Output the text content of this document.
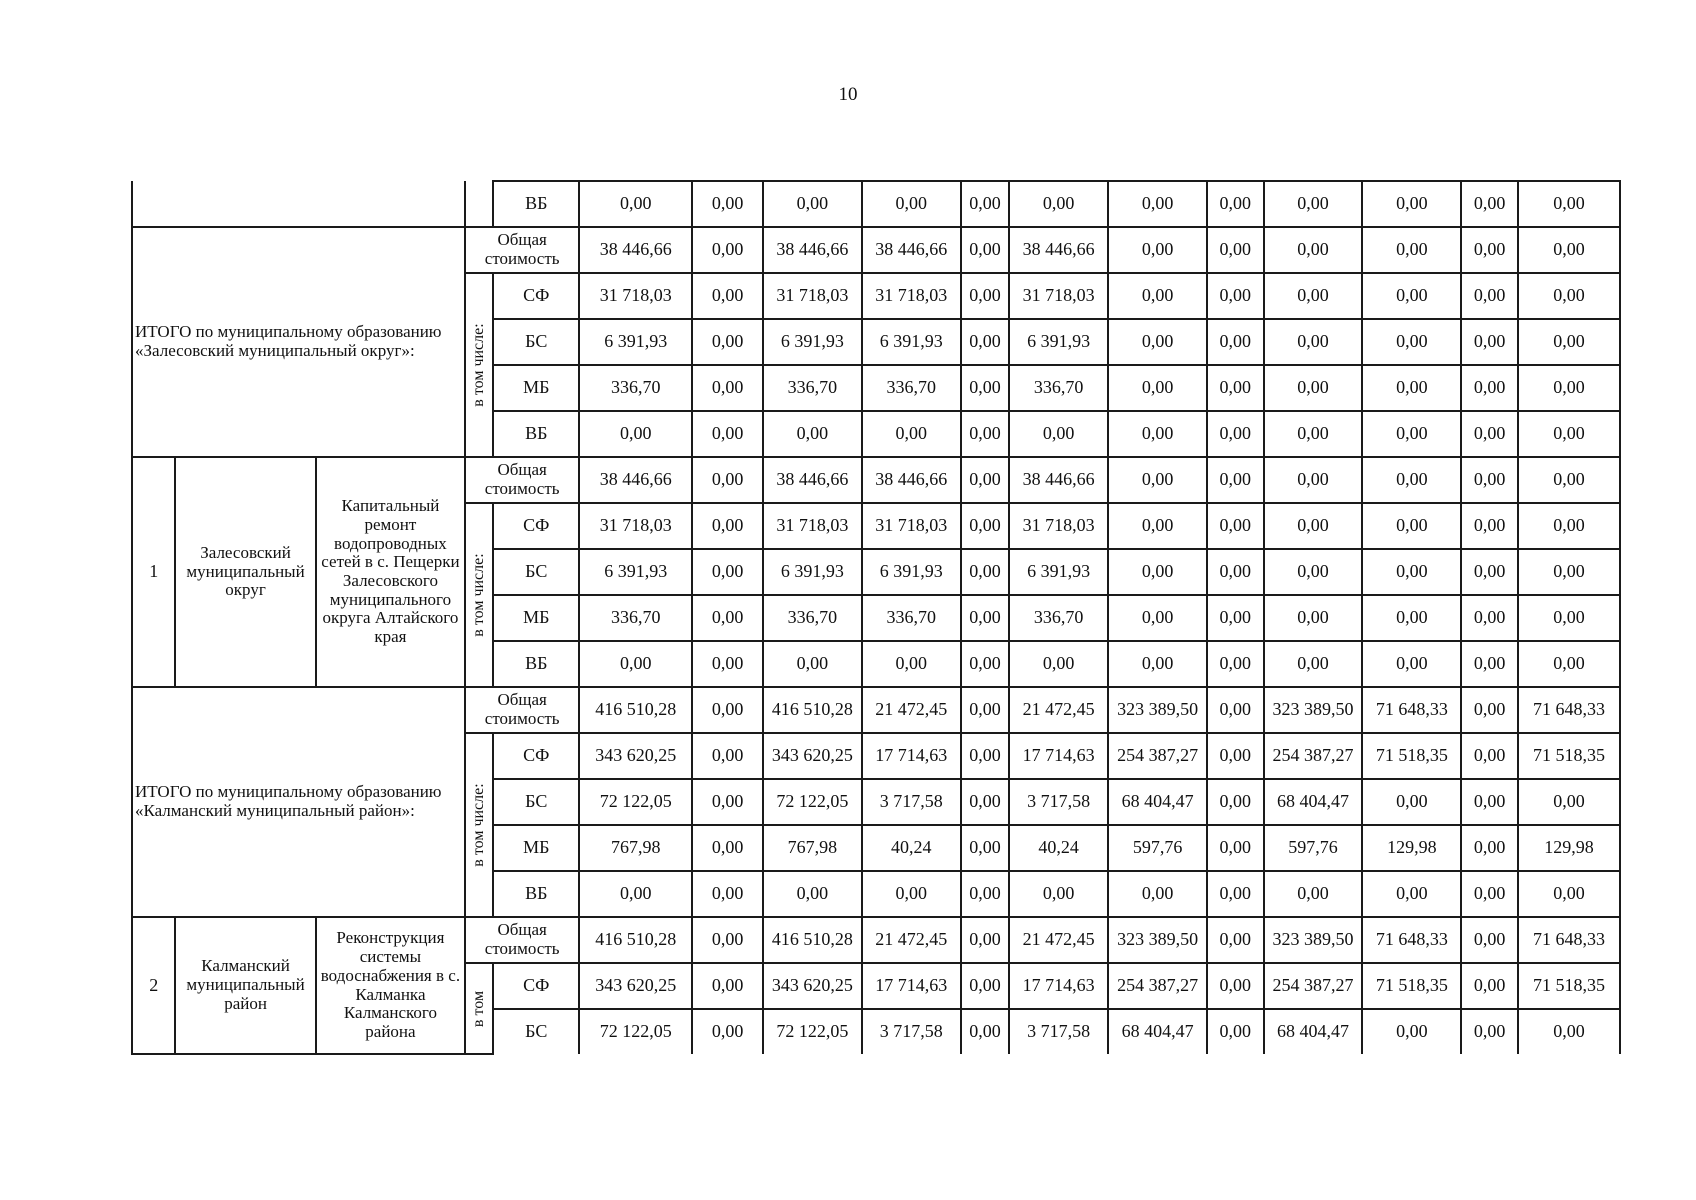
10
				ВБ	0,00	0,00	0,00	0,00	0,00	0,00	0,00	0,00	0,00	0,00	0,00	0,00
ИТОГО по муниципальному образованию «Залесовский муниципальный округ»:			Общая стоимость		38 446,66	0,00	38 446,66	38 446,66	0,00	38 446,66	0,00	0,00	0,00	0,00	0,00	0,00

			в том числе:	СФ	31 718,03	0,00	31 718,03	31 718,03	0,00	31 718,03	0,00	0,00	0,00	0,00	0,00	0,00
				БС	6 391,93	0,00	6 391,93	6 391,93	0,00	6 391,93	0,00	0,00	0,00	0,00	0,00	0,00
				МБ	336,70	0,00	336,70	336,70	0,00	336,70	0,00	0,00	0,00	0,00	0,00	0,00
				ВБ	0,00	0,00	0,00	0,00	0,00	0,00	0,00	0,00	0,00	0,00	0,00	0,00
1	Залесовский муниципальный округ	Капитальный ремонт водопроводных сетей в с. Пещерки Залесовского муниципального округа Алтайского края	Общая стоимость		38 446,66	0,00	38 446,66	38 446,66	0,00	38 446,66	0,00	0,00	0,00	0,00	0,00	0,00

			в том числе:	СФ	31 718,03	0,00	31 718,03	31 718,03	0,00	31 718,03	0,00	0,00	0,00	0,00	0,00	0,00
				БС	6 391,93	0,00	6 391,93	6 391,93	0,00	6 391,93	0,00	0,00	0,00	0,00	0,00	0,00
				МБ	336,70	0,00	336,70	336,70	0,00	336,70	0,00	0,00	0,00	0,00	0,00	0,00
				ВБ	0,00	0,00	0,00	0,00	0,00	0,00	0,00	0,00	0,00	0,00	0,00	0,00
ИТОГО по муниципальному образованию «Калманский муниципальный район»:			Общая стоимость		416 510,28	0,00	416 510,28	21 472,45	0,00	21 472,45	323 389,50	0,00	323 389,50	71 648,33	0,00	71 648,33

			в том числе:	СФ	343 620,25	0,00	343 620,25	17 714,63	0,00	17 714,63	254 387,27	0,00	254 387,27	71 518,35	0,00	71 518,35
				БС	72 122,05	0,00	72 122,05	3 717,58	0,00	3 717,58	68 404,47	0,00	68 404,47	0,00	0,00	0,00
				МБ	767,98	0,00	767,98	40,24	0,00	40,24	597,76	0,00	597,76	129,98	0,00	129,98
				ВБ	0,00	0,00	0,00	0,00	0,00	0,00	0,00	0,00	0,00	0,00	0,00	0,00
2	Калманский муниципальный район	Реконструкция системы водоснабжения в с. Калманка Калманского района	Общая стоимость		416 510,28	0,00	416 510,28	21 472,45	0,00	21 472,45	323 389,50	0,00	323 389,50	71 648,33	0,00	71 648,33

			в том	СФ	343 620,25	0,00	343 620,25	17 714,63	0,00	17 714,63	254 387,27	0,00	254 387,27	71 518,35	0,00	71 518,35
				БС	72 122,05	0,00	72 122,05	3 717,58	0,00	3 717,58	68 404,47	0,00	68 404,47	0,00	0,00	0,00
